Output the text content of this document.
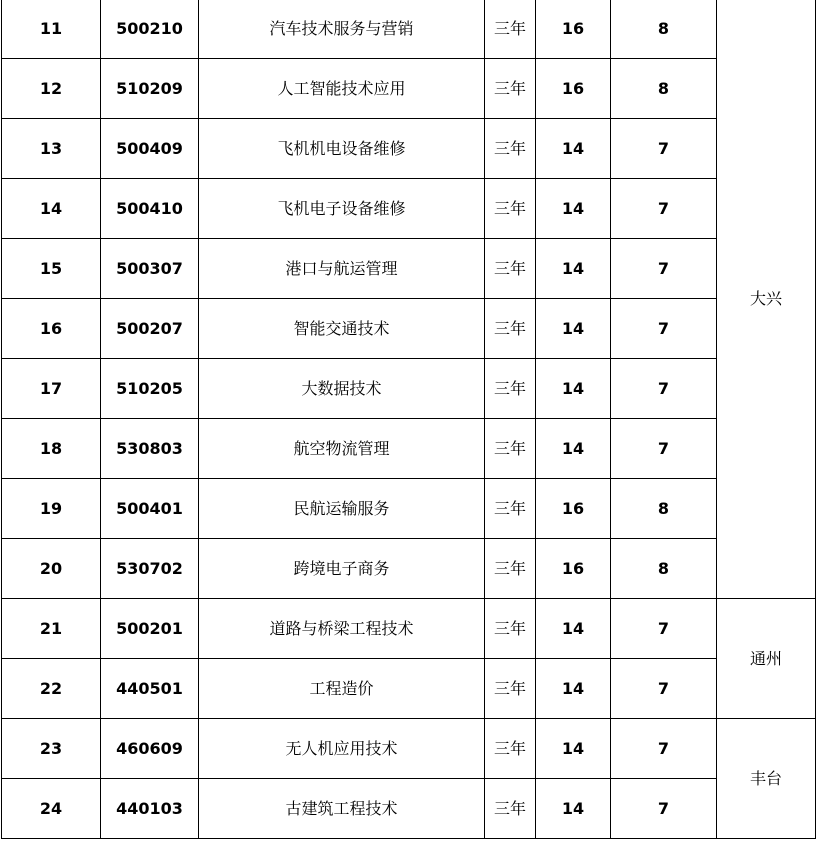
11	500210	汽车技术服务与营销	三年	16	8	大兴
12	510209	人工智能技术应用	三年	16	8	
13	500409	飞机机电设备维修	三年	14	7	
14	500410	飞机电子设备维修	三年	14	7	
15	500307	港口与航运管理	三年	14	7	
16	500207	智能交通技术	三年	14	7	
17	510205	大数据技术	三年	14	7	
18	530803	航空物流管理	三年	14	7	
19	500401	民航运输服务	三年	16	8	
20	530702	跨境电子商务	三年	16	8	
21	500201	道路与桥梁工程技术	三年	14	7	通州
22	440501	工程造价	三年	14	7	
23	460609	无人机应用技术	三年	14	7	丰台
24	440103	古建筑工程技术	三年	14	7	
